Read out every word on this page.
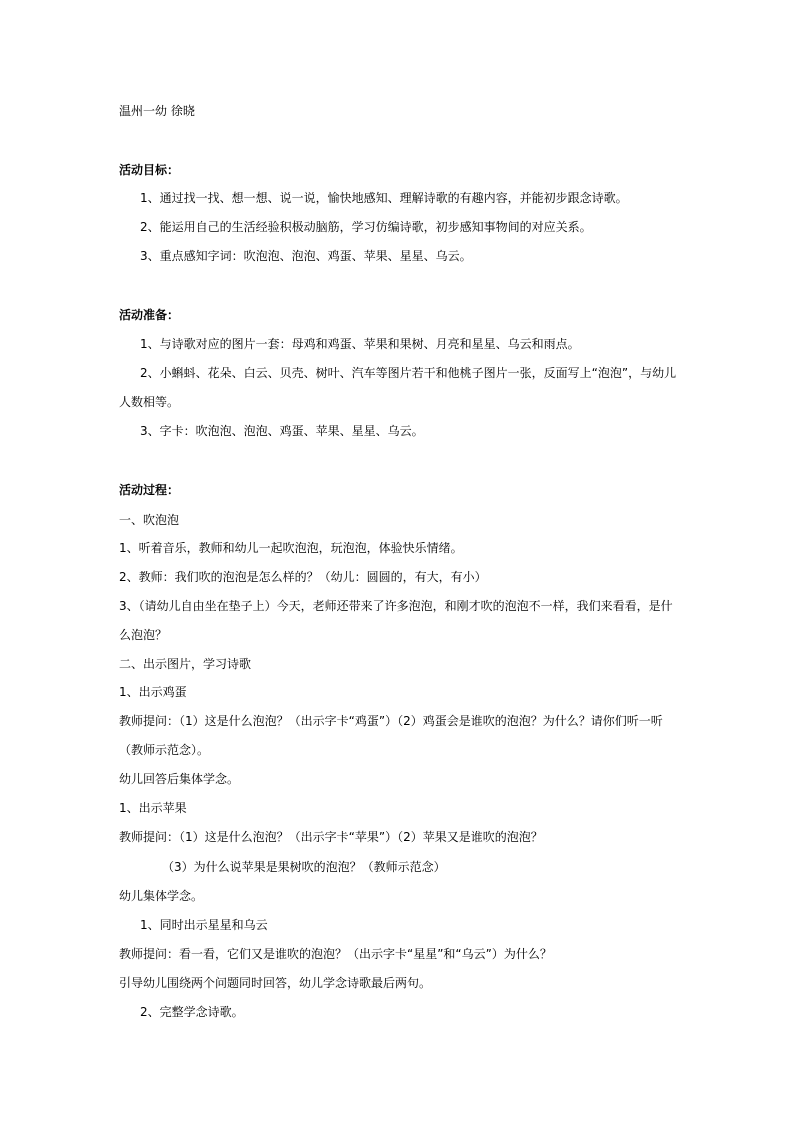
温州一幼 徐晓
活动目标：
1、通过找一找、想一想、说一说，愉快地感知、理解诗歌的有趣内容，并能初步跟念诗歌。
2、能运用自己的生活经验积极动脑筋，学习仿编诗歌，初步感知事物间的对应关系。
3、重点感知字词：吹泡泡、泡泡、鸡蛋、苹果、星星、乌云。
活动准备：
1、与诗歌对应的图片一套：母鸡和鸡蛋、苹果和果树、月亮和星星、乌云和雨点。
2、小蝌蚪、花朵、白云、贝壳、树叶、汽车等图片若干和他桃子图片一张，反面写上“泡泡”，与幼儿
人数相等。
3、字卡：吹泡泡、泡泡、鸡蛋、苹果、星星、乌云。
活动过程：
一、吹泡泡
1、听着音乐，教师和幼儿一起吹泡泡，玩泡泡，体验快乐情绪。
2、教师：我们吹的泡泡是怎么样的？（幼儿：圆圆的，有大，有小）
3、（请幼儿自由坐在垫子上）今天，老师还带来了许多泡泡，和刚才吹的泡泡不一样，我们来看看，是什
么泡泡？
二、出示图片，学习诗歌
1、出示鸡蛋
教师提问：（1）这是什么泡泡？（出示字卡“鸡蛋”）（2）鸡蛋会是谁吹的泡泡？为什么？请你们听一听
（教师示范念）。
幼儿回答后集体学念。
1、出示苹果
教师提问：（1）这是什么泡泡？（出示字卡“苹果”）（2）苹果又是谁吹的泡泡？
（3）为什么说苹果是果树吹的泡泡？（教师示范念）
幼儿集体学念。
1、同时出示星星和乌云
教师提问：看一看，它们又是谁吹的泡泡？（出示字卡“星星”和“乌云”）为什么？
引导幼儿围绕两个问题同时回答，幼儿学念诗歌最后两句。
2、完整学念诗歌。
